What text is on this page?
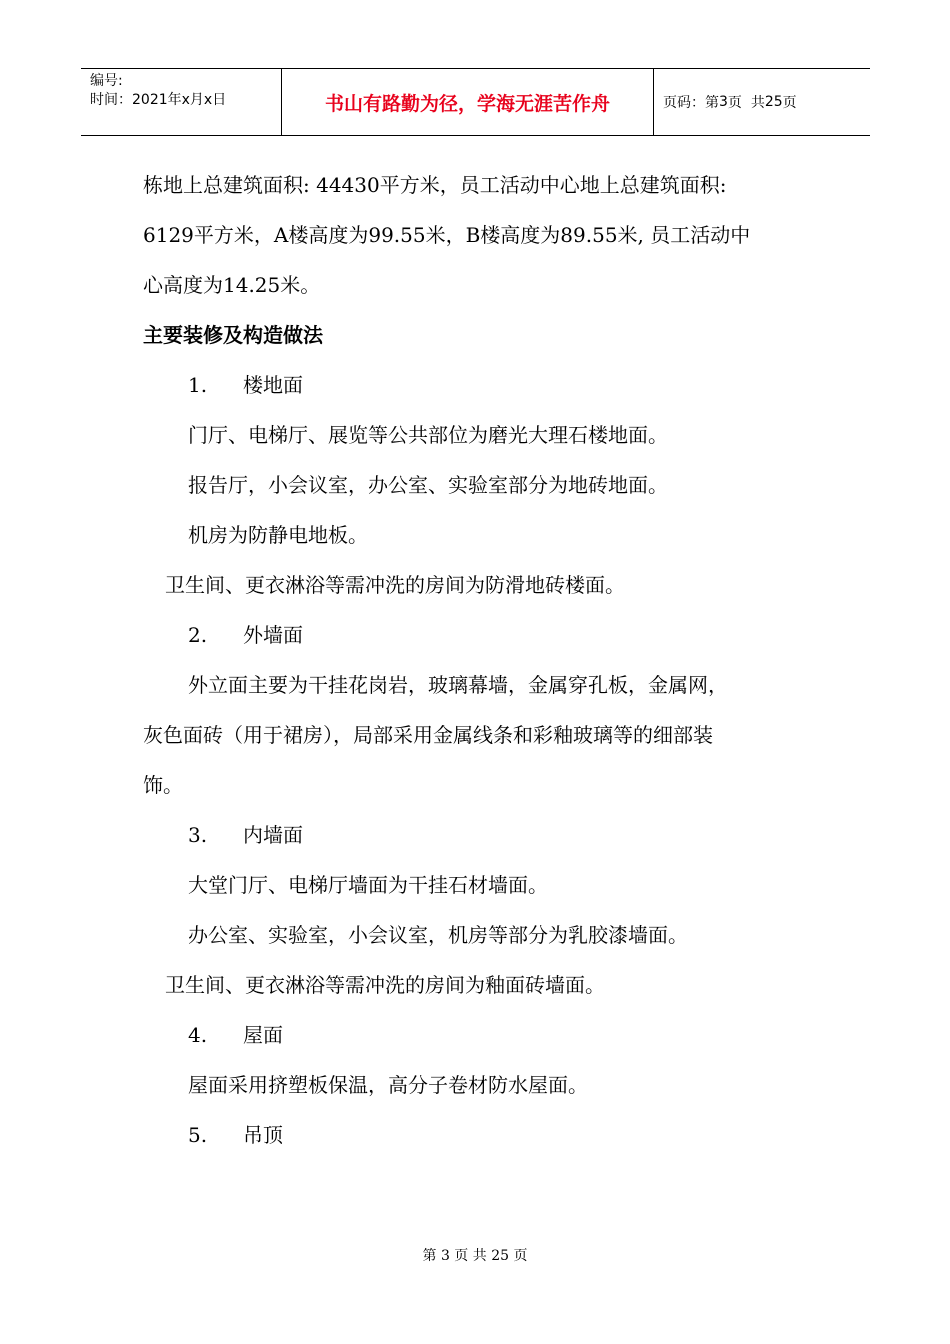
编号:
时间：2021年x月x日	书山有路勤为径，学海无涯苦作舟	页码：第 3 页  共 25 页

栋地上总建筑面积: 44430平方米，员工活动中心地上总建筑面积:

6129平方米，A楼高度为99.55米，B楼高度为89.55米, 员工活动中

心高度为14.25米。

主要装修及构造做法

1. 楼地面

门厅、电梯厅、展览等公共部位为磨光大理石楼地面。

报告厅，小会议室，办公室、实验室部分为地砖地面。

机房为防静电地板。

卫生间、更衣淋浴等需冲洗的房间为防滑地砖楼面。

2. 外墙面

外立面主要为干挂花岗岩，玻璃幕墙，金属穿孔板，金属网，

灰色面砖（用于裙房），局部采用金属线条和彩釉玻璃等的细部装

饰。

3. 内墙面

大堂门厅、电梯厅墙面为干挂石材墙面。

办公室、实验室，小会议室，机房等部分为乳胶漆墙面。

卫生间、更衣淋浴等需冲洗的房间为釉面砖墙面。

4. 屋面

屋面采用挤塑板保温，高分子卷材防水屋面。

5. 吊顶

第 3 页 共 25 页
